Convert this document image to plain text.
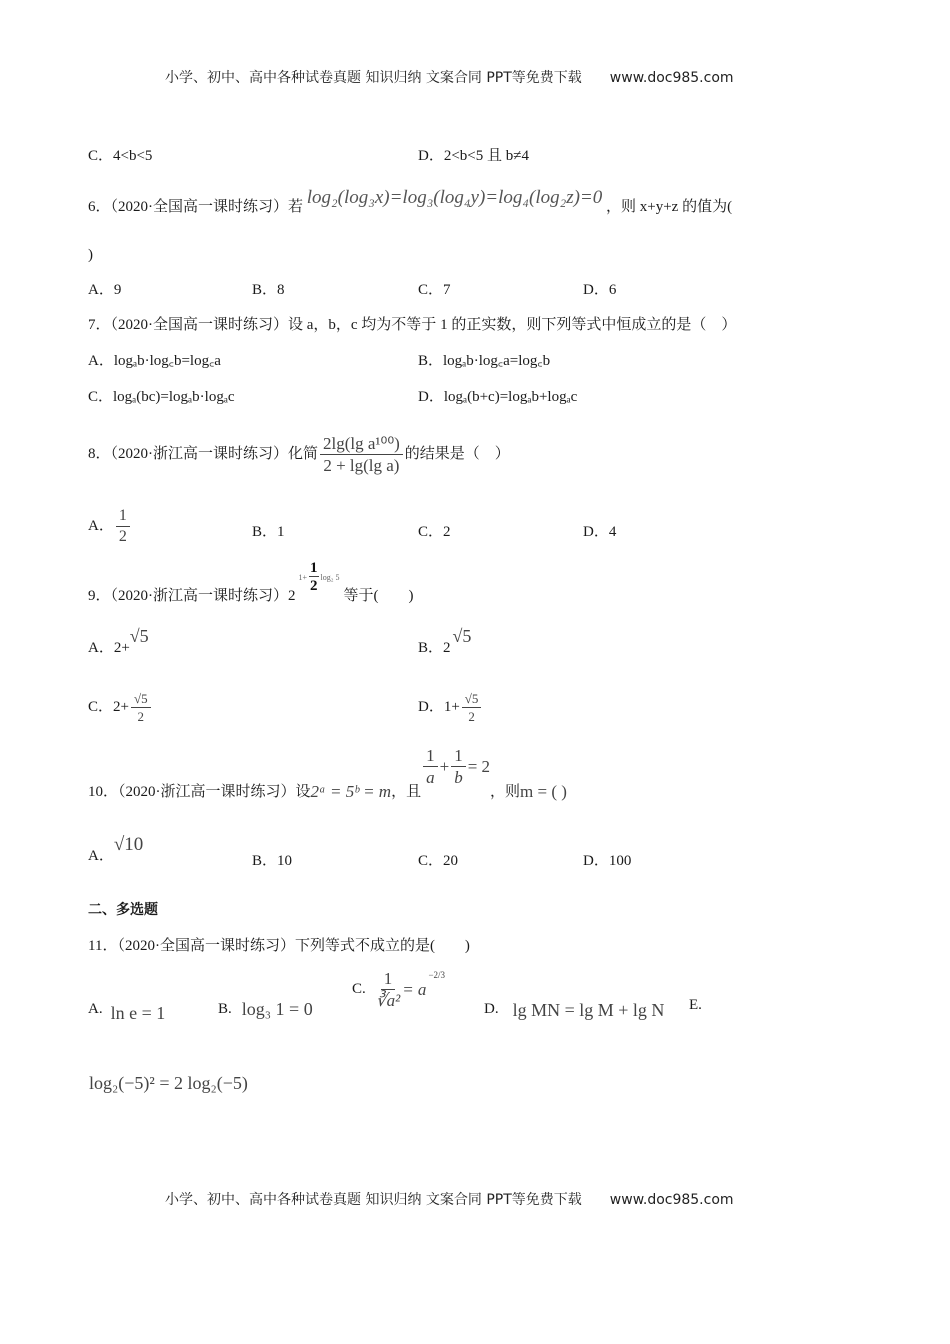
小学、初中、高中各种试卷真题 知识归纳 文案合同 PPT等免费下载 www.doc985.com
C．4<b<5	D．2<b<5 且 b≠4
6．（2020·全国高一课时练习）若 log₂(log₃x)=log₃(log₄y)=log₄(log₂z)=0 ，则 x+y+z 的值为(
)
A．9	B．8	C．7	D．6
7．（2020·全国高一课时练习）设 a，b，c 均为不等于 1 的正实数，则下列等式中恒成立的是（　）
A．logₐb·log꜀b=log꜀a	B．logₐb·log꜀a=log꜀b
C．logₐ(bc)=logₐb·logₐc	D．logₐ(b+c)=logₐb+logₐc
8．（2020·浙江高一课时练习）化简 $\frac{\text{2lg(lg a¹⁰⁰)}}{\text{2 + lg(lg a)}}$ 的结果是（　）
A． $\frac{1}{2}$	B．1	C．2	D．4
9．（2020·浙江高一课时练习）2
$1+ \frac{1}{2} \log_2$ 5
等于(　　)
A．2+√5
B．2√5
C．$2+ \frac{√5}{2}$	D．$1+ \frac{√5}{2}$
10．（2020·浙江高一课时练习）设 2ᵃ = 5ᵇ = m ，且
$\frac{1}{a} + \frac{1}{b} = 2$
，则 m = ( )
A．√10
B．10	C．20	D．100
二、多选题
11．（2020·全国高一课时练习）下列等式不成立的是(　　)
A. ln e = 1	B. log₃ 1 = 0
C. $\frac{1}{\text{∛a²}} = a$
−2/3
D. lg MN = lg M + lg N E.
log₂(−5)² = 2 log₂(−5)
小学、初中、高中各种试卷真题 知识归纳 文案合同 PPT等免费下载 www.doc985.com
